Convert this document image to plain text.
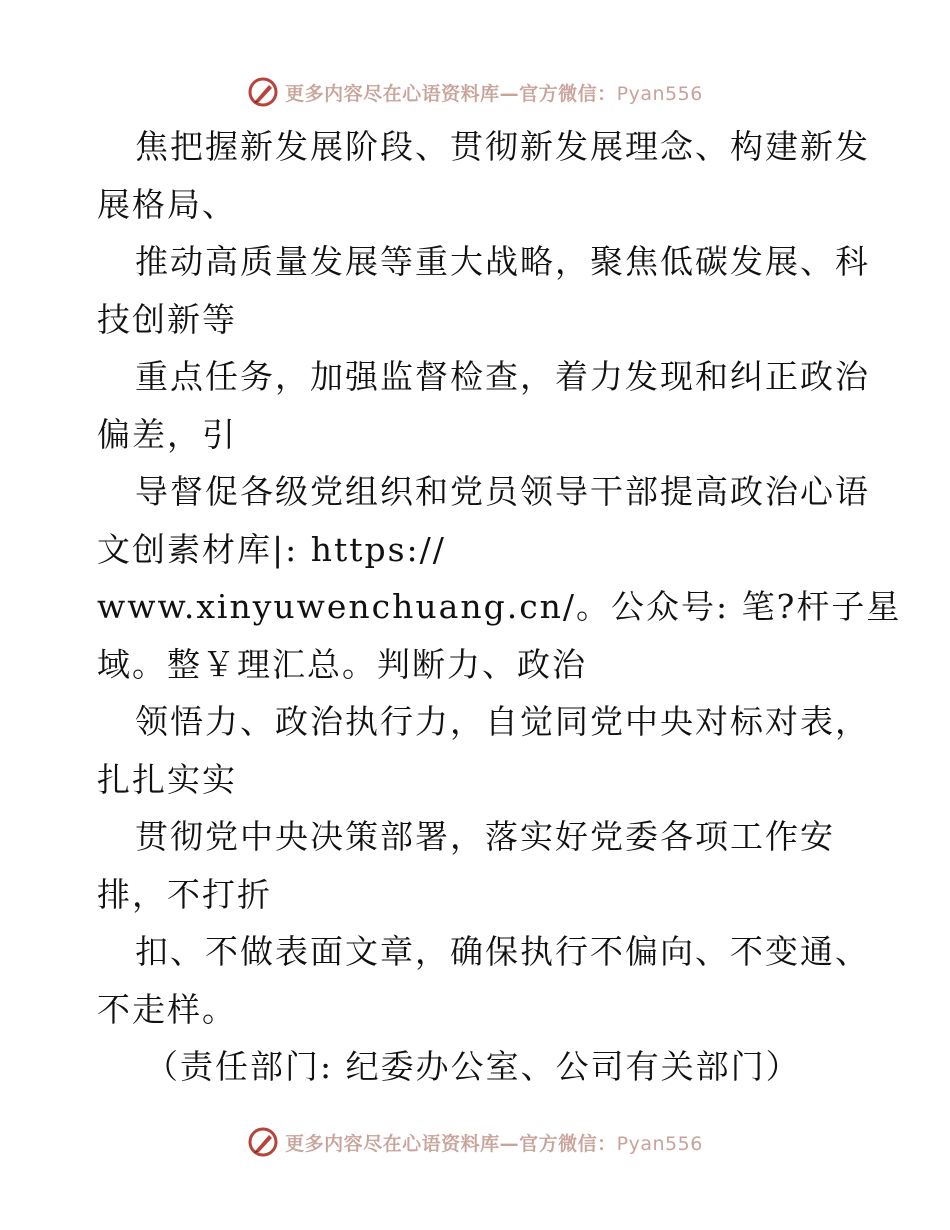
更多内容尽在心语资料库—官方微信：Pyan556
焦把握新发展阶段、贯彻新发展理念、构建新发
展格局、
推动高质量发展等重大战略，聚焦低碳发展、科
技创新等
重点任务，加强监督检查，着力发现和纠正政治
偏差，引
导督促各级党组织和党员领导干部提高政治心语
文创素材库|: https://
www.xinyuwenchuang.cn/。公众号: 笔?杆子星
域。整￥理汇总。判断力、政治
领悟力、政治执行力，自觉同党中央对标对表，
扎扎实实
贯彻党中央决策部署，落实好党委各项工作安
排，不打折
扣、不做表面文章，确保执行不偏向、不变通、
不走样。
（责任部门: 纪委办公室、公司有关部门）
更多内容尽在心语资料库—官方微信：Pyan556
